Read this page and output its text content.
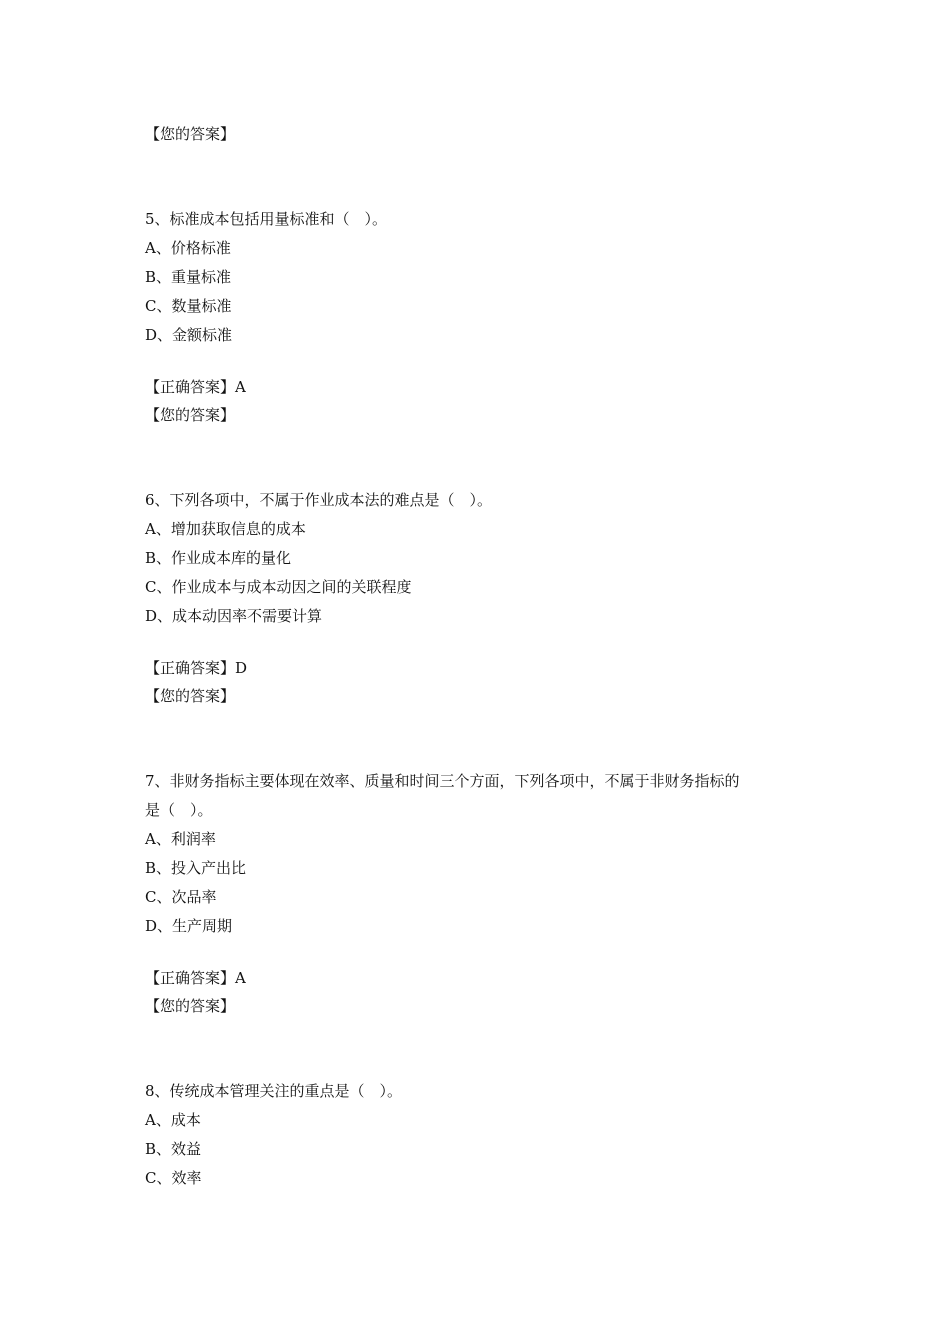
【您的答案】
5、标准成本包括用量标准和（　）。
A、价格标准
B、重量标准
C、数量标准
D、金额标准
【正确答案】A
【您的答案】
6、下列各项中，不属于作业成本法的难点是（　）。
A、增加获取信息的成本
B、作业成本库的量化
C、作业成本与成本动因之间的关联程度
D、成本动因率不需要计算
【正确答案】D
【您的答案】
7、非财务指标主要体现在效率、质量和时间三个方面，下列各项中，不属于非财务指标的
是（　）。
A、利润率
B、投入产出比
C、次品率
D、生产周期
【正确答案】A
【您的答案】
8、传统成本管理关注的重点是（　）。
A、成本
B、效益
C、效率
